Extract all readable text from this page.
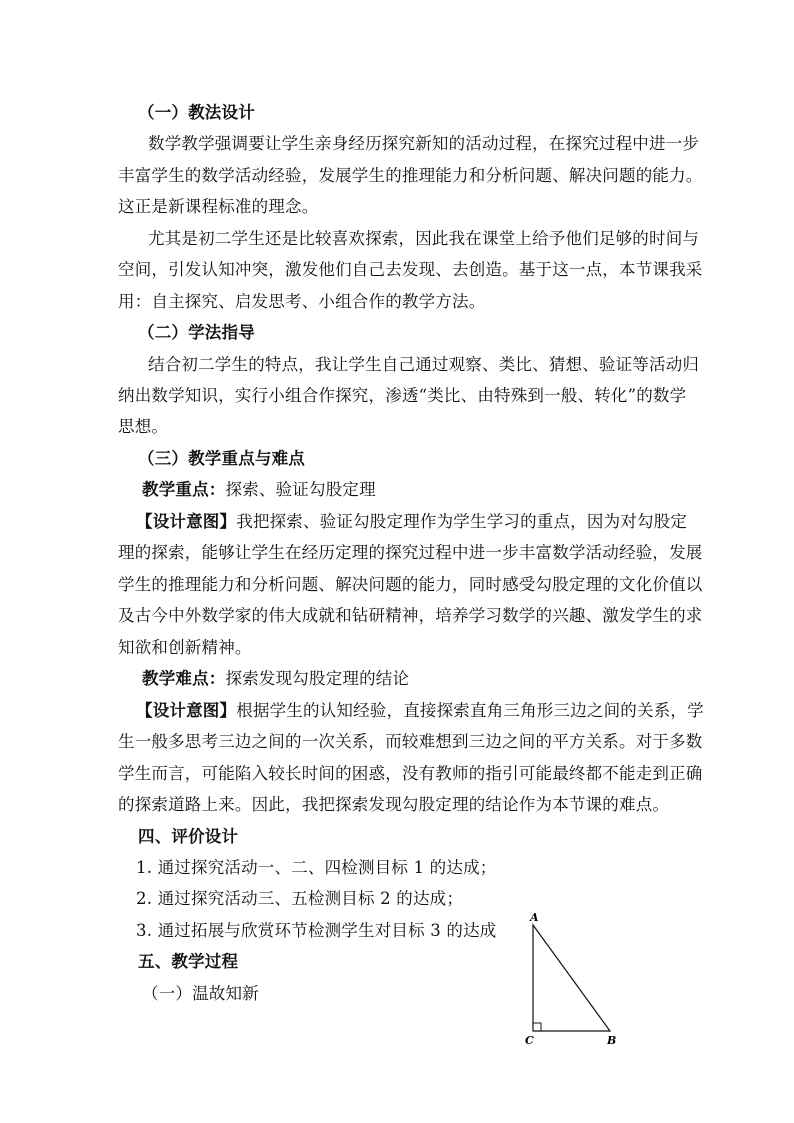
（一）教法设计
数学教学强调要让学生亲身经历探究新知的活动过程，在探究过程中进一步
丰富学生的数学活动经验，发展学生的推理能力和分析问题、解决问题的能力。
这正是新课程标准的理念。
尤其是初二学生还是比较喜欢探索，因此我在课堂上给予他们足够的时间与
空间，引发认知冲突，激发他们自己去发现、去创造。基于这一点，本节课我采
用：自主探究、启发思考、小组合作的教学方法。
（二）学法指导
结合初二学生的特点，我让学生自己通过观察、类比、猜想、验证等活动归
纳出数学知识，实行小组合作探究，渗透“类比、由特殊到一般、转化”的数学
思想。
（三）教学重点与难点
教学重点：探索、验证勾股定理
【设计意图】我把探索、验证勾股定理作为学生学习的重点，因为对勾股定
理的探索，能够让学生在经历定理的探究过程中进一步丰富数学活动经验，发展
学生的推理能力和分析问题、解决问题的能力，同时感受勾股定理的文化价值以
及古今中外数学家的伟大成就和钻研精神，培养学习数学的兴趣、激发学生的求
知欲和创新精神。
教学难点：探索发现勾股定理的结论
【设计意图】根据学生的认知经验，直接探索直角三角形三边之间的关系，学
生一般多思考三边之间的一次关系，而较难想到三边之间的平方关系。对于多数
学生而言，可能陷入较长时间的困惑，没有教师的指引可能最终都不能走到正确
的探索道路上来。因此，我把探索发现勾股定理的结论作为本节课的难点。
四、评价设计
1. 通过探究活动一、二、四检测目标 1 的达成；
2. 通过探究活动三、五检测目标 2 的达成；
3. 通过拓展与欣赏环节检测学生对目标 3 的达成
五、教学过程
（一）温故知新
A
B
C
